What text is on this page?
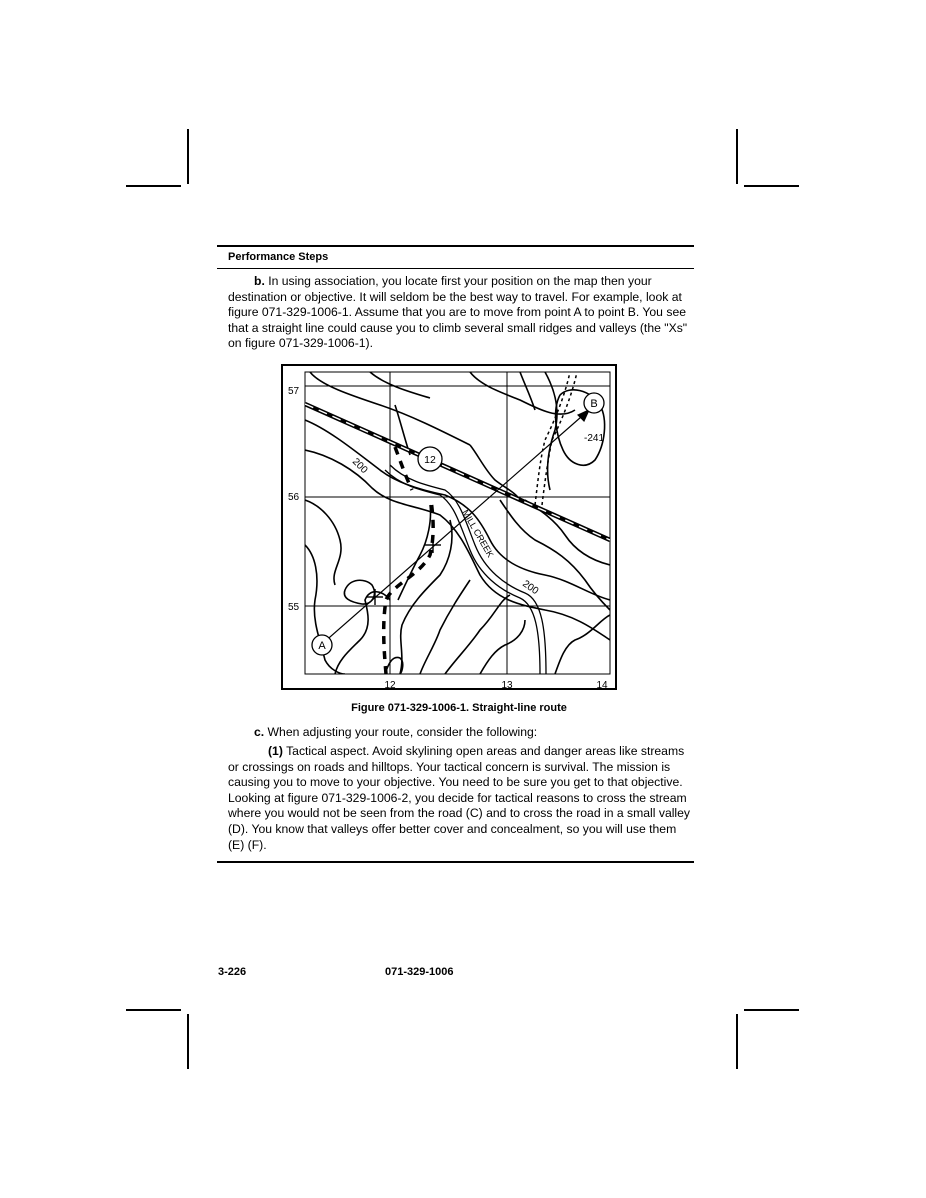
Performance Steps
b. In using association, you locate first your position on the map then your destination or objective. It will seldom be the best way to travel. For example, look at figure 071-329-1006-1. Assume that you are to move from point A to point B. You see that a straight line could cause you to climb several small ridges and valleys (the "Xs" on figure 071-329-1006-1).
A
B
12
200
200
-241
MILL CREEK
57
56
55
12	13	14
Figure 071-329-1006-1. Straight-line route
c. When adjusting your route, consider the following:
(1) Tactical aspect. Avoid skylining open areas and danger areas like streams or crossings on roads and hilltops. Your tactical concern is survival. The mission is causing you to move to your objective. You need to be sure you get to that objective. Looking at figure 071-329-1006-2, you decide for tactical reasons to cross the stream where you would not be seen from the road (C) and to cross the road in a small valley (D). You know that valleys offer better cover and concealment, so you will use them (E) (F).
3-226	071-329-1006
